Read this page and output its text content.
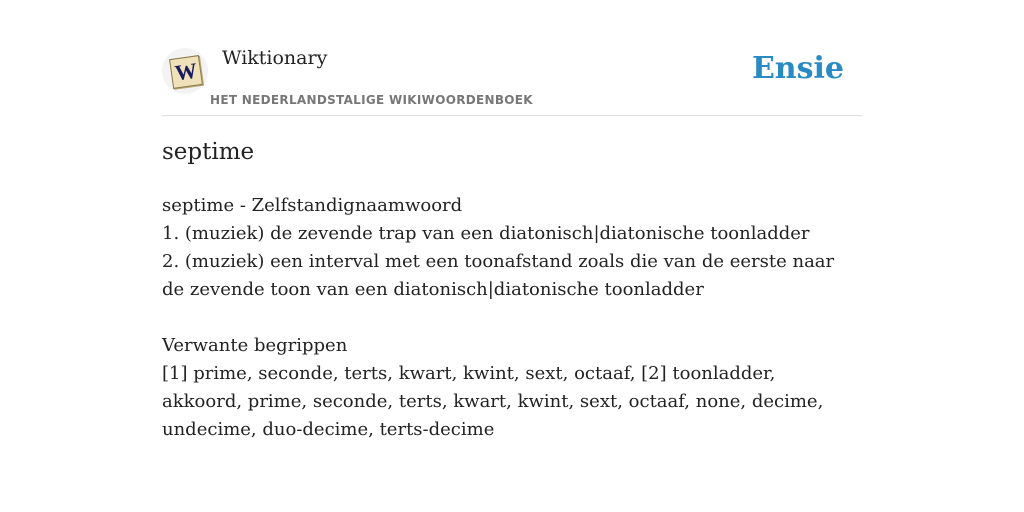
W Wiktionary
HET NEDERLANDSTALIGE WIKIWOORDENBOEK
Ensie
septime

septime - Zelfstandignaamwoord

1. (muziek) de zevende trap van een diatonisch|diatonische toonladder

2. (muziek) een interval met een toonafstand zoals die van de eerste naar de zevende toon van een diatonisch|diatonische toonladder

Verwante begrippen

[1] prime, seconde, terts, kwart, kwint, sext, octaaf, [2] toonladder, akkoord, prime, seconde, terts, kwart, kwint, sext, octaaf, none, decime, undecime, duo-decime, terts-decime
